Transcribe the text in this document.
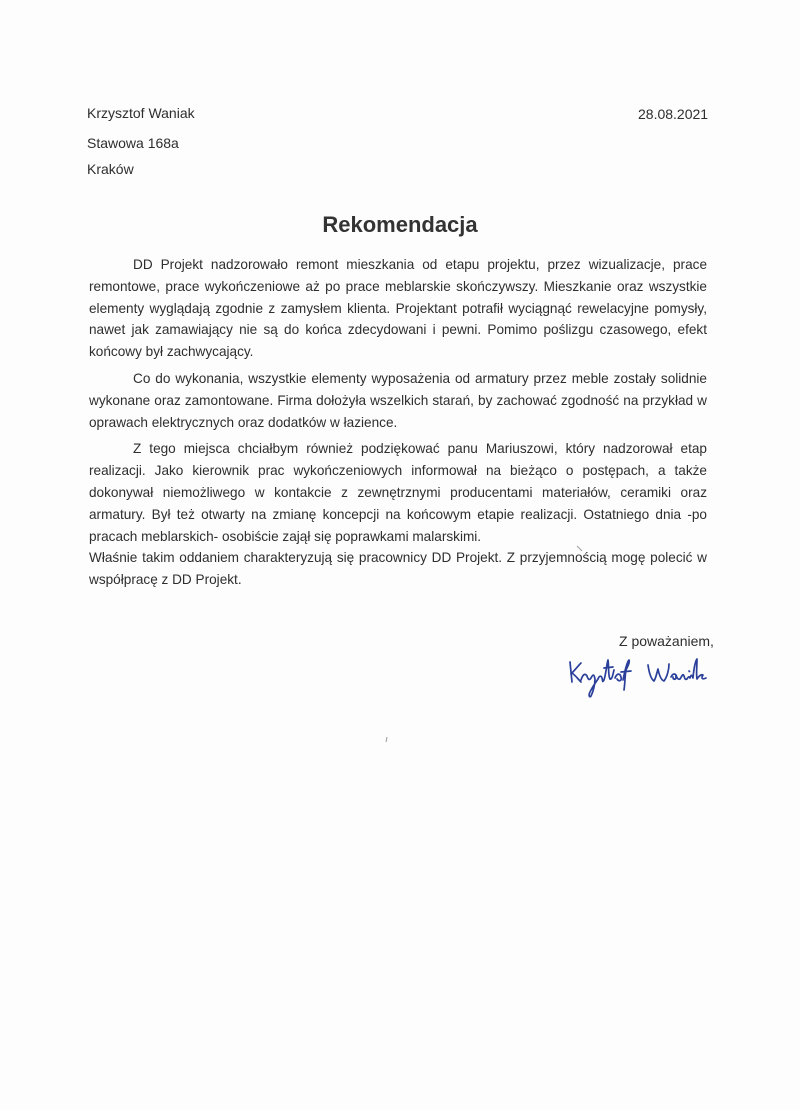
Krzysztof Waniak
Stawowa 168a
Kraków
28.08.2021
Rekomendacja

DD Projekt nadzorowało remont mieszkania od etapu projektu, przez wizualizacje, prace remontowe, prace wykończeniowe aż po prace meblarskie skończywszy. Mieszkanie oraz wszystkie elementy wyglądają zgodnie z zamysłem klienta. Projektant potrafił wyciągnąć rewelacyjne pomysły, nawet jak zamawiający nie są do końca zdecydowani i pewni. Pomimo poślizgu czasowego, efekt końcowy był zachwycający.

Co do wykonania, wszystkie elementy wyposażenia od armatury przez meble zostały solidnie wykonane oraz zamontowane. Firma dołożyła wszelkich starań, by zachować zgodność na przykład w oprawach elektrycznych oraz dodatków w łazience.

Z tego miejsca chciałbym również podziękować panu Mariuszowi, który nadzorował etap realizacji. Jako kierownik prac wykończeniowych informował na bieżąco o postępach, a także dokonywał niemożliwego w kontakcie z zewnętrznymi producentami materiałów, ceramiki oraz armatury. Był też otwarty na zmianę koncepcji na końcowym etapie realizacji. Ostatniego dnia -po pracach meblarskich- osobiście zajął się poprawkami malarskimi.

Właśnie takim oddaniem charakteryzują się pracownicy DD Projekt. Z przyjemnością mogę polecić w współpracę z DD Projekt.

Z poważaniem,
